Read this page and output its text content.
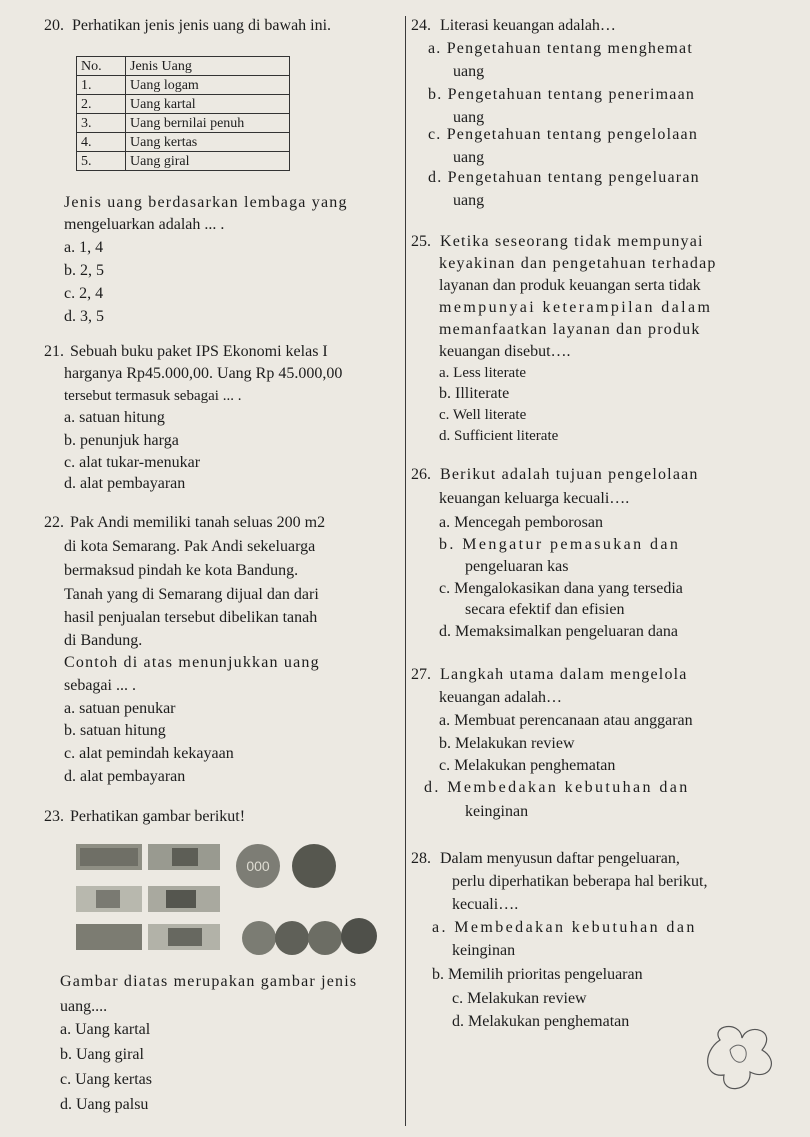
20. Perhatikan jenis jenis uang di bawah ini.
No.	Jenis Uang
1.	Uang logam
2.	Uang kartal
3.	Uang bernilai penuh
4.	Uang kertas
5.	Uang giral
Jenis uang berdasarkan lembaga yang
mengeluarkan adalah ... .
a. 1, 4
b. 2, 5
c. 2, 4
d. 3, 5
21. Sebuah buku paket IPS Ekonomi kelas I
harganya Rp45.000,00. Uang Rp 45.000,00
tersebut termasuk sebagai ... .
a. satuan hitung
b. penunjuk harga
c. alat tukar-menukar
d. alat pembayaran
22. Pak Andi memiliki tanah seluas 200 m2
di kota Semarang. Pak Andi sekeluarga
bermaksud pindah ke kota Bandung.
Tanah yang di Semarang dijual dan dari
hasil penjualan tersebut dibelikan tanah
di Bandung.
Contoh di atas menunjukkan uang
sebagai ... .
a. satuan penukar
b. satuan hitung
c. alat pemindah kekayaan
d. alat pembayaran
23. Perhatikan gambar berikut!
000
Gambar diatas merupakan gambar jenis
uang....
a. Uang kartal
b. Uang giral
c. Uang kertas
d. Uang palsu
24. Literasi keuangan adalah…
a. Pengetahuan tentang menghemat
uang
b. Pengetahuan tentang penerimaan
uang
c. Pengetahuan tentang pengelolaan
uang
d. Pengetahuan tentang pengeluaran
uang
25. Ketika seseorang tidak mempunyai
keyakinan dan pengetahuan terhadap
layanan dan produk keuangan serta tidak
mempunyai keterampilan dalam
memanfaatkan layanan dan produk
keuangan disebut….
a. Less literate
b. Illiterate
c. Well literate
d. Sufficient literate
26. Berikut adalah tujuan pengelolaan
keuangan keluarga kecuali….
a. Mencegah pemborosan
b. Mengatur pemasukan dan
pengeluaran kas
c. Mengalokasikan dana yang tersedia
secara efektif dan efisien
d. Memaksimalkan pengeluaran dana
27. Langkah utama dalam mengelola
keuangan adalah…
a. Membuat perencanaan atau anggaran
b. Melakukan review
c. Melakukan penghematan
d. Membedakan kebutuhan dan
keinginan
28. Dalam menyusun daftar pengeluaran,
perlu diperhatikan beberapa hal berikut,
kecuali….
a. Membedakan kebutuhan dan
keinginan
b. Memilih prioritas pengeluaran
c. Melakukan review
d. Melakukan penghematan
